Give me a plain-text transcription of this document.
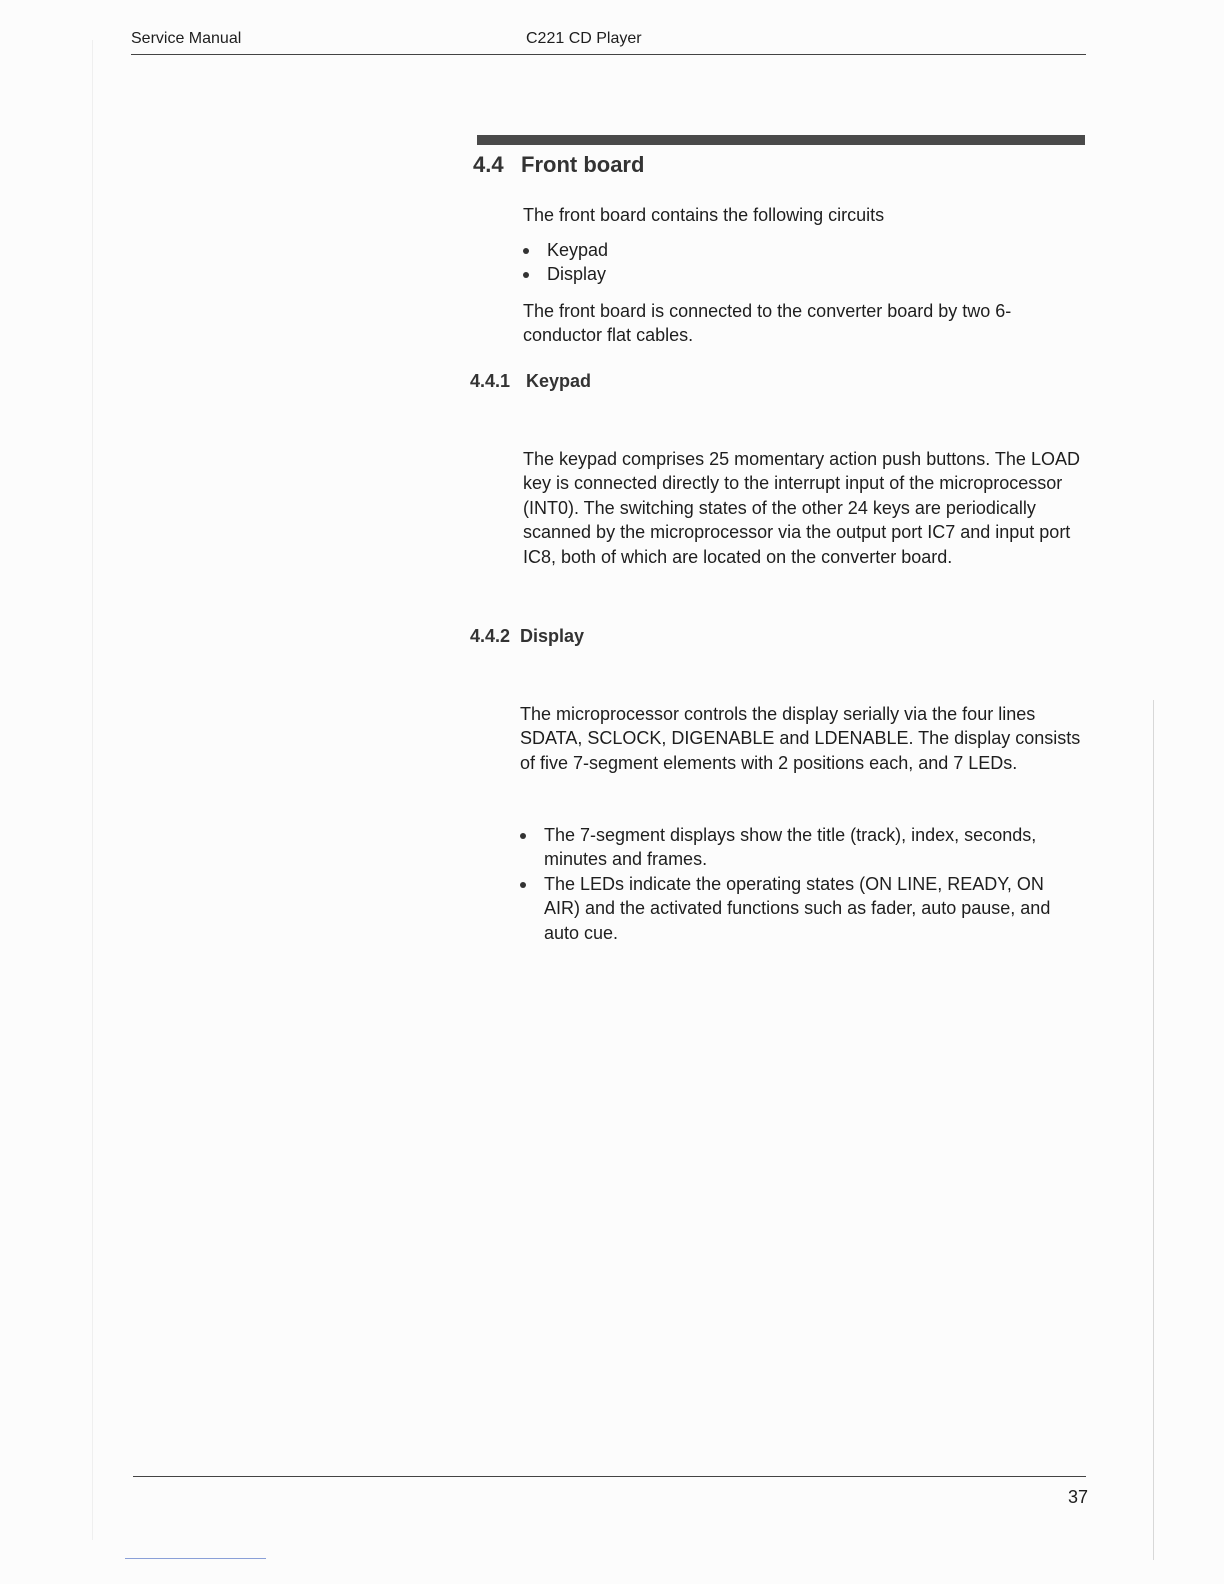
Service Manual	C221 CD Player
4.4 Front board
The front board contains the following circuits
Keypad
Display
The front board is connected to the converter board by two 6-conductor flat cables.
4.4.1 Keypad
The keypad comprises 25 momentary action push buttons. The LOAD key is connected directly to the interrupt input of the microprocessor (INT0). The switching states of the other 24 keys are periodically scanned by the microprocessor via the output port IC7 and input port IC8, both of which are located on the converter board.
4.4.2 Display
The microprocessor controls the display serially via the four lines SDATA, SCLOCK, DIGENABLE and LDENABLE. The display consists of five 7-segment elements with 2 positions each, and 7 LEDs.
The 7-segment displays show the title (track), index, seconds, minutes and frames.
The LEDs indicate the operating states (ON LINE, READY, ON AIR) and the activated functions such as fader, auto pause, and auto cue.
37
